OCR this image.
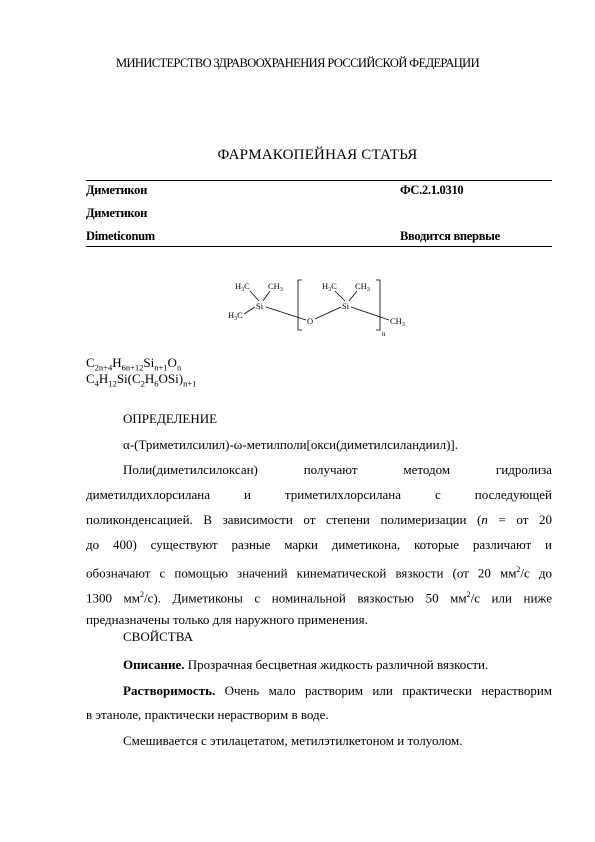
МИНИСТЕРСТВО ЗДРАВООХРАНЕНИЯ РОССИЙСКОЙ ФЕДЕРАЦИИ
ФАРМАКОПЕЙНАЯ СТАТЬЯ
Диметикон	ФС.2.1.0310
Диметикон
Dimeticonum	Вводится впервые
$H_3C$ $CH_3$
Si
$H_3C$
O
$H_3C$ $CH_3$
Si
$CH_3$
n
$C_{2n+4}H_{6n+12}Si_{n+1}O_n$
$C_4H_{12}Si(C_2H_6OSi)_{n+1}$
ОПРЕДЕЛЕНИЕ
α-(Триметилсилил)-ω-метилполи[окси(диметилсиландиил)].
Поли(диметилсилоксан) получают методом гидролиза
диметилдихлорсилана и триметилхлорсилана с последующей
поликонденсацией. В зависимости от степени полимеризации (n = от 20
до 400) существуют разные марки диметикона, которые различают и
обозначают с помощью значений кинематической вязкости (от 20 $мм^2/с$ до
1300 $мм^2/с$). Диметиконы с номинальной вязкостью 50 $мм^2/с$ или ниже
предназначены только для наружного применения.
СВОЙСТВА
Описание. Прозрачная бесцветная жидкость различной вязкости.
Растворимость. Очень мало растворим или практически нерастворим
в этаноле, практически нерастворим в воде.
Смешивается с этилацетатом, метилэтилкетоном и толуолом.
